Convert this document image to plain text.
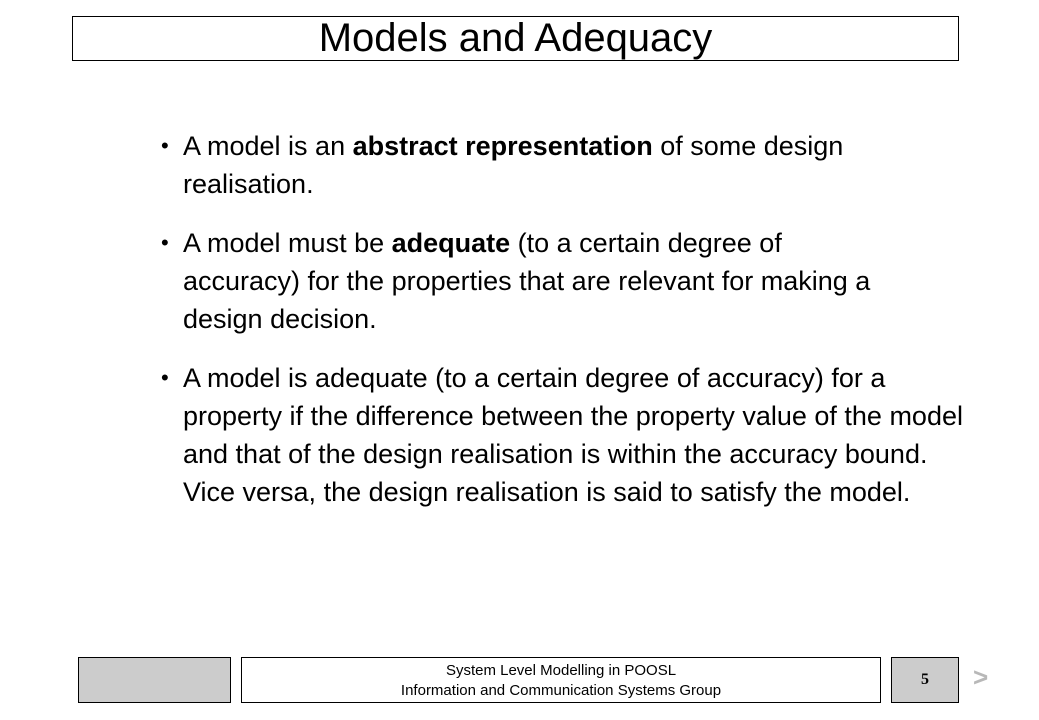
Models and Adequacy
• A model is an abstract representation of some design realisation.
• A model must be adequate (to a certain degree of accuracy) for the properties that are relevant for making a design decision.
• A model is adequate (to a certain degree of accuracy) for a property if the difference between the property value of the model and that of the design realisation is within the accuracy bound. Vice versa, the design realisation is said to satisfy the model.
System Level Modelling in POOSL
Information and Communication Systems Group
5 >
